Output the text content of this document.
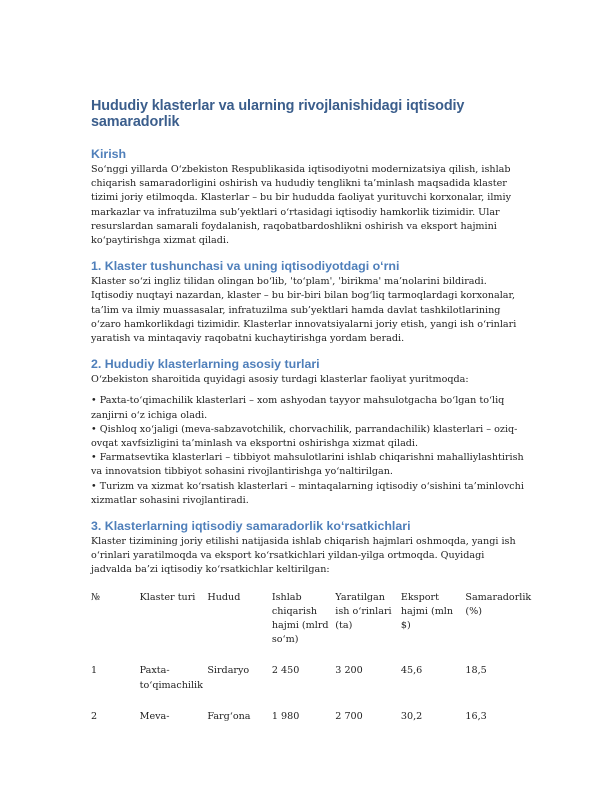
Hududiy klasterlar va ularning rivojlanishidagi iqtisodiy samaradorlik
Kirish

So‘nggi yillarda O‘zbekiston Respublikasida iqtisodiyotni modernizatsiya qilish, ishlab chiqarish samaradorligini oshirish va hududiy tenglikni ta’minlash maqsadida klaster tizimi joriy etilmoqda. Klasterlar – bu bir hududda faoliyat yurituvchi korxonalar, ilmiy markazlar va infratuzilma sub’yektlari o‘rtasidagi iqtisodiy hamkorlik tizimidir. Ular resurslardan samarali foydalanish, raqobatbardoshlikni oshirish va eksport hajmini ko‘paytirishga xizmat qiladi.

1. Klaster tushunchasi va uning iqtisodiyotdagi o‘rni

Klaster so‘zi ingliz tilidan olingan bo‘lib, 'to‘plam', 'birikma' ma’nolarini bildiradi. Iqtisodiy nuqtayi nazardan, klaster – bu bir-biri bilan bog‘liq tarmoqlardagi korxonalar, ta’lim va ilmiy muassasalar, infratuzilma sub’yektlari hamda davlat tashkilotlarining o‘zaro hamkorlikdagi tizimidir. Klasterlar innovatsiyalarni joriy etish, yangi ish o‘rinlari yaratish va mintaqaviy raqobatni kuchaytirishga yordam beradi.

2. Hududiy klasterlarning asosiy turlari

O‘zbekiston sharoitida quyidagi asosiy turdagi klasterlar faoliyat yuritmoqda:

• Paxta-to‘qimachilik klasterlari – xom ashyodan tayyor mahsulotgacha bo‘lgan to‘liq zanjirni o‘z ichiga oladi.

• Qishloq xo‘jaligi (meva-sabzavotchilik, chorvachilik, parrandachilik) klasterlari – oziq-ovqat xavfsizligini ta’minlash va eksportni oshirishga xizmat qiladi.

• Farmatsevtika klasterlari – tibbiyot mahsulotlarini ishlab chiqarishni mahalliylashtirish va innovatsion tibbiyot sohasini rivojlantirishga yo‘naltirilgan.

• Turizm va xizmat ko‘rsatish klasterlari – mintaqalarning iqtisodiy o‘sishini ta’minlovchi xizmatlar sohasini rivojlantiradi.

3. Klasterlarning iqtisodiy samaradorlik ko‘rsatkichlari

Klaster tizimining joriy etilishi natijasida ishlab chiqarish hajmlari oshmoqda, yangi ish o‘rinlari yaratilmoqda va eksport ko‘rsatkichlari yildan-yilga ortmoqda. Quyidagi jadvalda ba’zi iqtisodiy ko‘rsatkichlar keltirilgan:

№	Klaster turi	Hudud	Ishlab chiqarish hajmi (mlrd so‘m)	Yaratilgan ish o‘rinlari (ta)	Eksport hajmi (mln $)	Samaradorlik (%)
1	Paxta-to‘qimachilik	Sirdaryo	2 450	3 200	45,6	18,5
2	Meva-	Farg‘ona	1 980	2 700	30,2	16,3
